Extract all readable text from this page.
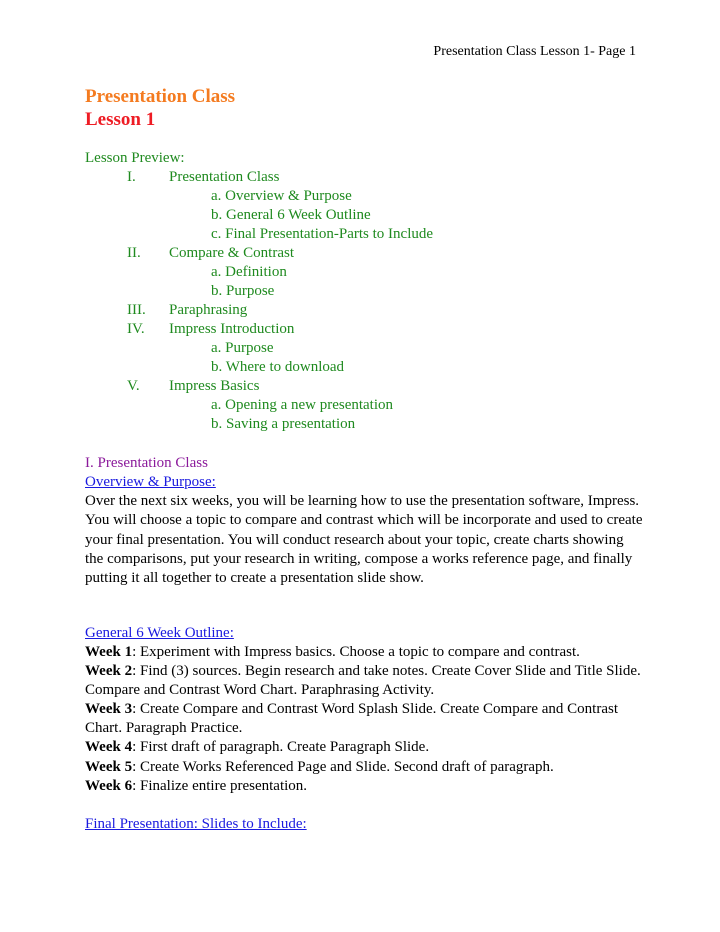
Presentation Class Lesson 1- Page 1
Presentation Class
Lesson 1
Lesson Preview:
I. Presentation Class
a. Overview & Purpose
b. General 6 Week Outline
c. Final Presentation-Parts to Include
II. Compare & Contrast
a. Definition
b. Purpose
III. Paraphrasing
IV. Impress Introduction
a. Purpose
b. Where to download
V. Impress Basics
a. Opening a new presentation
b. Saving a presentation
I. Presentation Class
Overview & Purpose:
Over the next six weeks, you will be learning how to use the presentation software, Impress. You will choose a topic to compare and contrast which will be incorporate and used to create your final presentation. You will conduct research about your topic, create charts showing the comparisons, put your research in writing, compose a works reference page, and finally putting it all together to create a presentation slide show.
General 6 Week Outline:

Week 1: Experiment with Impress basics. Choose a topic to compare and contrast.

Week 2: Find (3) sources. Begin research and take notes. Create Cover Slide and Title Slide. Compare and Contrast Word Chart. Paraphrasing Activity.

Week 3: Create Compare and Contrast Word Splash Slide. Create Compare and Contrast Chart. Paragraph Practice.

Week 4: First draft of paragraph. Create Paragraph Slide.

Week 5: Create Works Referenced Page and Slide. Second draft of paragraph.

Week 6: Finalize entire presentation.

Final Presentation: Slides to Include:
